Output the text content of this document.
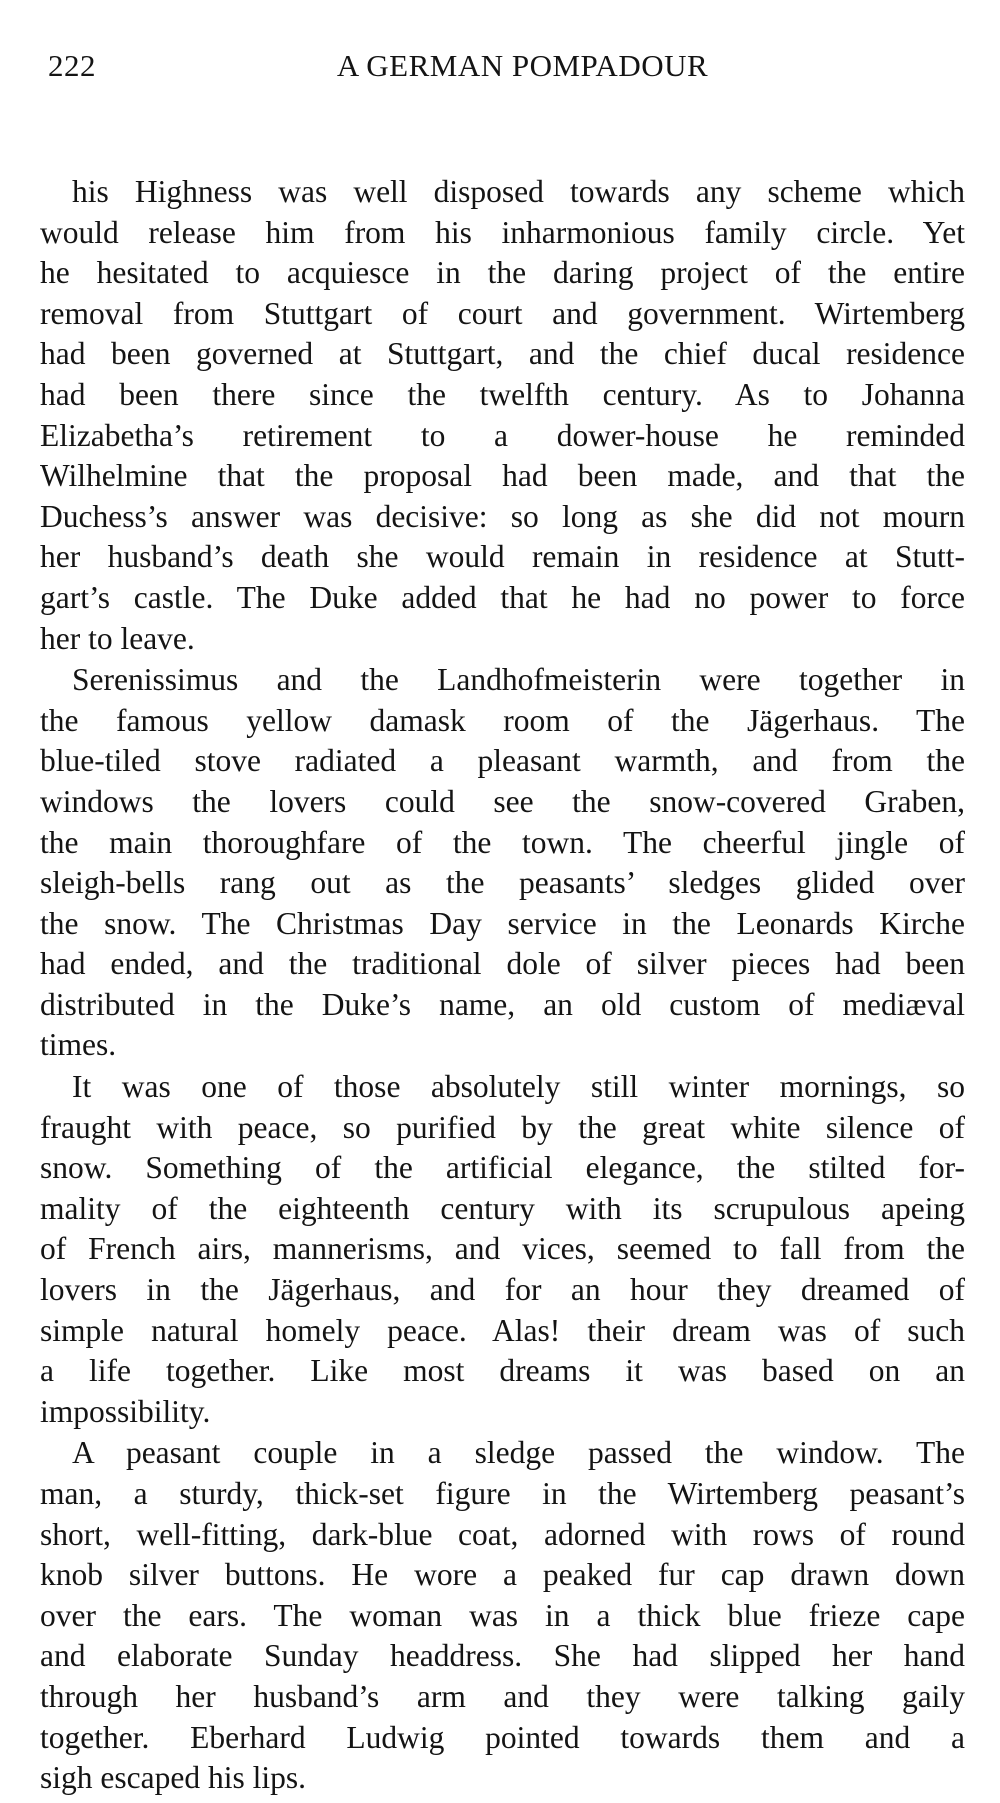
222	A GERMAN POMPADOUR
his Highness was well disposed towards any scheme which
would release him from his inharmonious family circle. Yet
he hesitated to acquiesce in the daring project of the entire
removal from Stuttgart of court and government. Wirtemberg
had been governed at Stuttgart, and the chief ducal residence
had been there since the twelfth century. As to Johanna
Elizabetha’s retirement to a dower-house he reminded
Wilhelmine that the proposal had been made, and that the
Duchess’s answer was decisive: so long as she did not mourn
her husband’s death she would remain in residence at Stutt-
gart’s castle. The Duke added that he had no power to force
her to leave.
Serenissimus and the Landhofmeisterin were together in
the famous yellow damask room of the Jägerhaus. The
blue-tiled stove radiated a pleasant warmth, and from the
windows the lovers could see the snow-covered Graben,
the main thoroughfare of the town. The cheerful jingle of
sleigh-bells rang out as the peasants’ sledges glided over
the snow. The Christmas Day service in the Leonards Kirche
had ended, and the traditional dole of silver pieces had been
distributed in the Duke’s name, an old custom of mediæval
times.
It was one of those absolutely still winter mornings, so
fraught with peace, so purified by the great white silence of
snow. Something of the artificial elegance, the stilted for-
mality of the eighteenth century with its scrupulous apeing
of French airs, mannerisms, and vices, seemed to fall from the
lovers in the Jägerhaus, and for an hour they dreamed of
simple natural homely peace. Alas! their dream was of such
a life together. Like most dreams it was based on an
impossibility.
A peasant couple in a sledge passed the window. The
man, a sturdy, thick-set figure in the Wirtemberg peasant’s
short, well-fitting, dark-blue coat, adorned with rows of round
knob silver buttons. He wore a peaked fur cap drawn down
over the ears. The woman was in a thick blue frieze cape
and elaborate Sunday headdress. She had slipped her hand
through her husband’s arm and they were talking gaily
together. Eberhard Ludwig pointed towards them and a
sigh escaped his lips.
